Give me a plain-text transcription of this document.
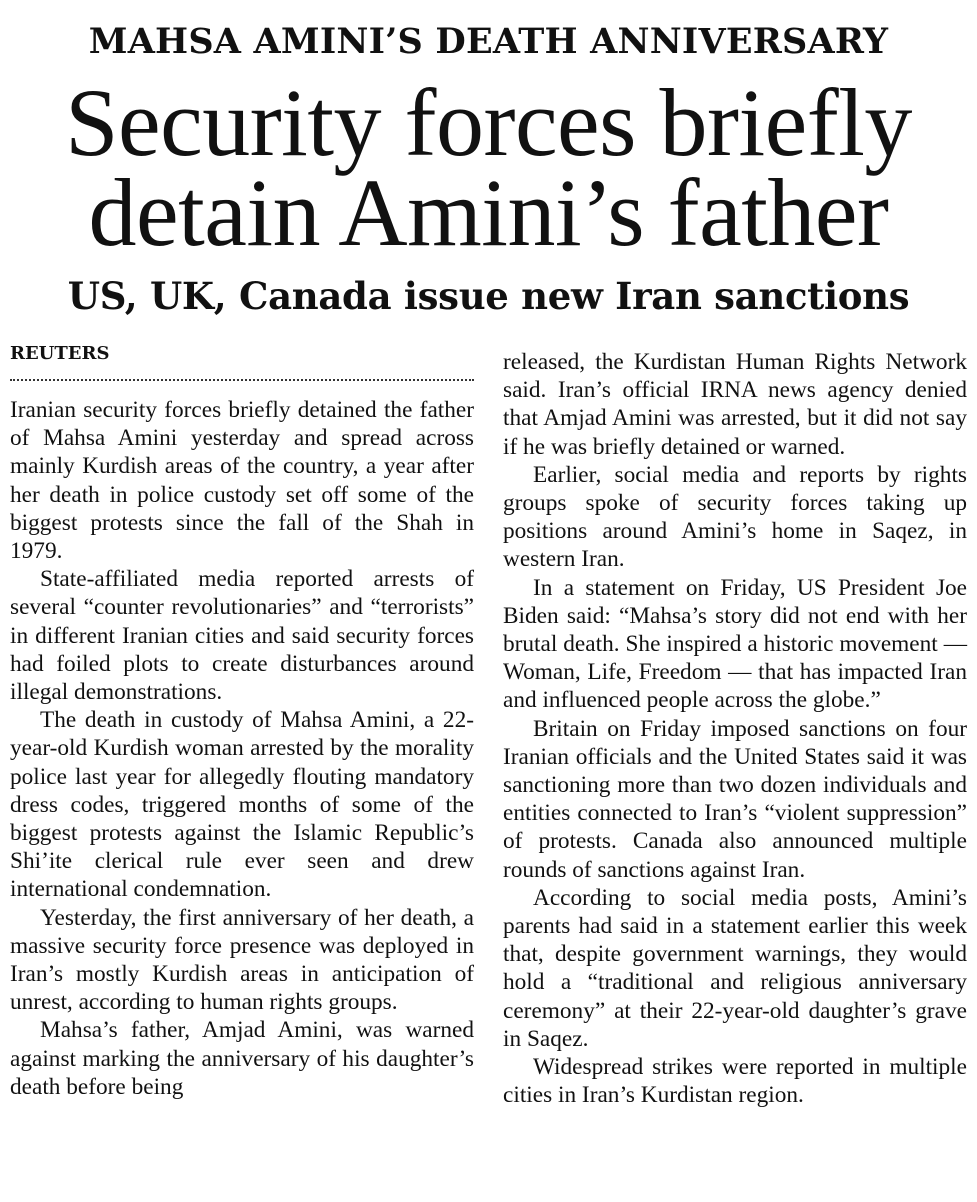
MAHSA AMINI’S DEATH ANNIVERSARY
Security forces briefly
detain Amini’s father
US, UK, Canada issue new Iran sanctions
REUTERS

Iranian security forces briefly detained the father of Mahsa Amini yesterday and spread across mainly Kurdish areas of the country, a year after her death in police custody set off some of the biggest protests since the fall of the Shah in 1979.

State-affiliated media reported arrests of several “counter revolutionaries” and “terrorists” in different Iranian cities and said security forces had foiled plots to create disturbances around illegal demonstrations.

The death in custody of Mahsa Amini, a 22-year-old Kurdish woman arrested by the morality police last year for allegedly flouting mandatory dress codes, triggered months of some of the biggest protests against the Islamic Republic’s Shi’ite clerical rule ever seen and drew international condemnation.

Yesterday, the first anniversary of her death, a massive security force presence was deployed in Iran’s mostly Kurdish areas in anticipation of unrest, according to human rights groups.

Mahsa’s father, Amjad Amini, was warned against marking the anniversary of his daughter’s death before being

released, the Kurdistan Human Rights Network said. Iran’s official IRNA news agency denied that Amjad Amini was arrested, but it did not say if he was briefly detained or warned.

Earlier, social media and reports by rights groups spoke of security forces taking up positions around Amini’s home in Saqez, in western Iran.

In a statement on Friday, US President Joe Biden said: “Mahsa’s story did not end with her brutal death. She inspired a historic movement — Woman, Life, Freedom — that has impacted Iran and influenced people across the globe.”

Britain on Friday imposed sanctions on four Iranian officials and the United States said it was sanctioning more than two dozen individuals and entities connected to Iran’s “violent suppression” of protests. Canada also announced multiple rounds of sanctions against Iran.

According to social media posts, Amini’s parents had said in a statement earlier this week that, despite government warnings, they would hold a “traditional and religious anniversary ceremony” at their 22-year-old daughter’s grave in Saqez.

Widespread strikes were reported in multiple cities in Iran’s Kurdistan region.
